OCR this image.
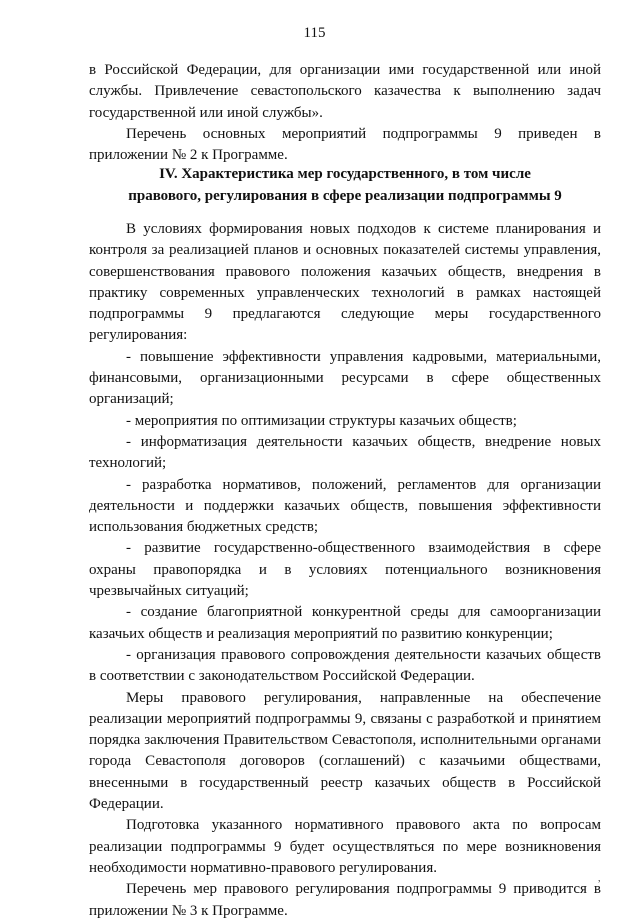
115

в Российской Федерации, для организации ими государственной или иной службы. Привлечение севастопольского казачества к выполнению задач государственной или иной службы».

Перечень основных мероприятий подпрограммы 9 приведен в приложении № 2 к Программе.

IV. Характеристика мер государственного, в том числе

правового, регулирования в сфере реализации подпрограммы 9

В условиях формирования новых подходов к системе планирования и контроля за реализацией планов и основных показателей системы управления, совершенствования правового положения казачьих обществ, внедрения в практику современных управленческих технологий в рамках настоящей подпрограммы 9 предлагаются следующие меры государственного регулирования:

- повышение эффективности управления кадровыми, материальными, финансовыми, организационными ресурсами в сфере общественных организаций;

- мероприятия по оптимизации структуры казачьих обществ;

- информатизация деятельности казачьих обществ, внедрение новых технологий;

- разработка нормативов, положений, регламентов для организации деятельности и поддержки казачьих обществ, повышения эффективности использования бюджетных средств;

- развитие государственно-общественного взаимодействия в сфере охраны правопорядка и в условиях потенциального возникновения чрезвычайных ситуаций;

- создание благоприятной конкурентной среды для самоорганизации казачьих обществ и реализация мероприятий по развитию конкуренции;

- организация правового сопровождения деятельности казачьих обществ в соответствии с законодательством Российской Федерации.

Меры правового регулирования, направленные на обеспечение реализации мероприятий подпрограммы 9, связаны с разработкой и принятием порядка заключения Правительством Севастополя, исполнительными органами города Севастополя договоров (соглашений) с казачьими обществами, внесенными в государственный реестр казачьих обществ в Российской Федерации.

Подготовка указанного нормативного правового акта по вопросам реализации подпрограммы 9 будет осуществляться по мере возникновения необходимости нормативно-правового регулирования.

Перечень мер правового регулирования подпрограммы 9 приводится в приложении № 3 к Программе.

,
